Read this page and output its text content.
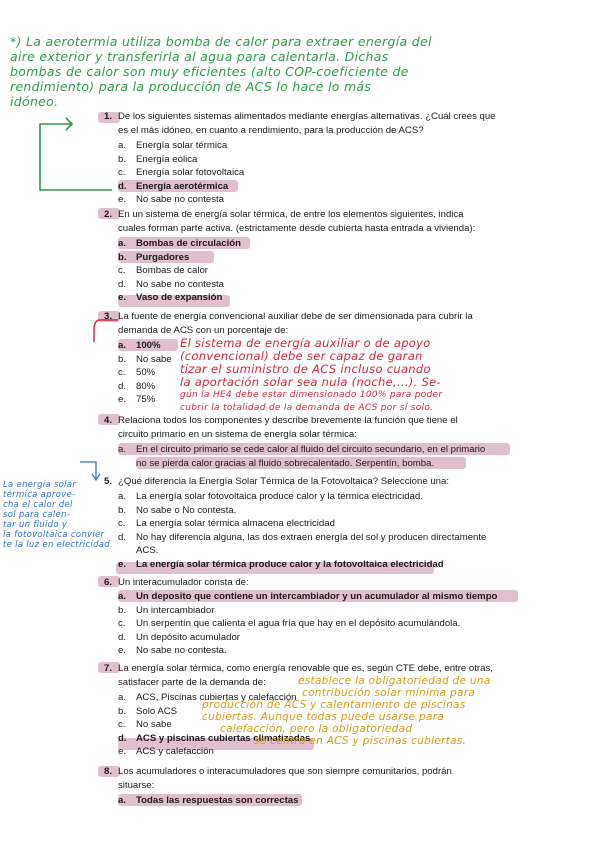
*) La aerotermia utiliza bomba de calor para extraer energía del
aire exterior y transferirla al agua para calentarla. Dichas
bombas de calor son muy eficientes (alto COP-coeficiente de
rendimiento) para la producción de ACS lo hace lo más
idóneo.
1. De los siguientes sistemas alimentados mediante energías alternativas. ¿Cuál crees que
es el más idóneo, en cuanto a rendimiento, para la producción de ACS?
a. Energía solar térmica
b. Energía eólica
c. Energía solar fotovoltaica
d. Energía aerotérmica
e. No sabe no contesta
2. En un sistema de energía solar térmica, de entre los elementos siguientes, indica
cuales forman parte activa. (estrictamente desde cubierta hasta entrada a vivienda):
a. Bombas de circulación
b. Purgadores
c. Bombas de calor
d. No sabe no contesta
e. Vaso de expansión
3. La fuente de energía convencional auxiliar debe de ser dimensionada para cubrir la
demanda de ACS con un porcentaje de:
a. 100%
b. No sabe
c. 50%
d. 80%
e. 75%
El sistema de energía auxiliar o de apoyo
(convencional) debe ser capaz de garan
tizar el suministro de ACS incluso cuando
la aportación solar sea nula (noche,...). Se-
gún la HE4 debe estar dimensionado 100% para poder
cubrir la totalidad de la demanda de ACS por sí solo.
4. Relaciona todos los componentes y describe brevemente la función que tiene el
circuito primario en un sistema de energía solar térmica:
a. En el circuito primario se cede calor al fluido del circuito secundario, en el primario
no se pierda calor gracias al fluido sobrecalentado. Serpentín, bomba.
La energía solar
térmica aprove-
cha el calor del
sol para calen-
tar un fluido y
la fotovoltaica convier
te la luz en electricidad
5. ¿Qué diferencia la Energía Solar Térmica de la Fotovoltaica? Seleccione una:
a. La energía solar fotovoltaica produce calor y la térmica electricidad.
b. No sabe o No contesta.
c. La energía solar térmica almacena electricidad
d. No hay diferencia alguna, las dos extraen energía del sol y producen directamente
ACS.
e. La energía solar térmica produce calor y la fotovoltaica electricidad
6. Un interacumulador consta de:
a. Un deposito que contiene un intercambiador y un acumulador al mismo tiempo
b. Un intercambiador
c. Un serpentín que calienta el agua fría que hay en el depósito acumulándola.
d. Un depósito acumulador
e. No sabe no contesta.
7. La energía solar térmica, como energía renovable que es, según CTE debe, entre otras,
satisfacer parte de la demanda de:
a. ACS, Piscinas cubiertas y calefacción
b. Solo ACS
c. No sabe
d. ACS y piscinas cubiertas climatizadas
e. ACS y calefacción
establece la obligatoriedad de una
contribución solar mínima para
producción de ACS y calentamiento de piscinas
cubiertas. Aunque todas puede usarse para
calefacción, pero la obligatoriedad
se centra en ACS y piscinas cubiertas.
8. Los acumuladores o interacumuladores que son siempre comunitarios, podrán
situarse:
a. Todas las respuestas son correctas
